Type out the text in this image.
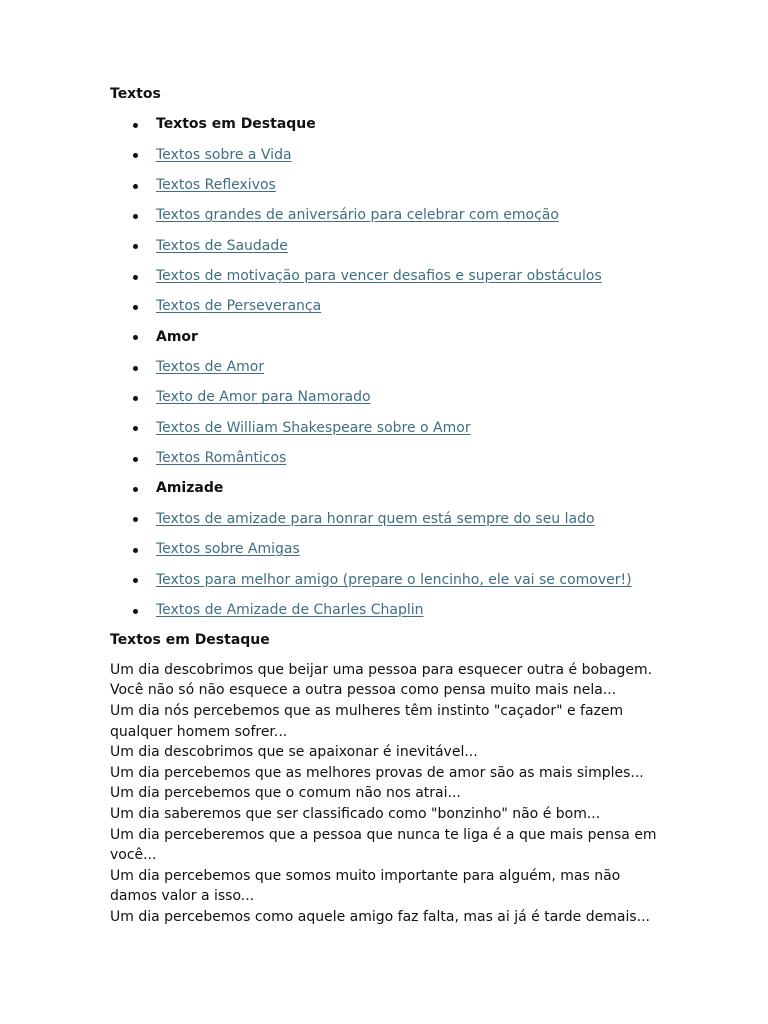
Textos
Textos em Destaque
Textos sobre a Vida
Textos Reflexivos
Textos grandes de aniversário para celebrar com emoção
Textos de Saudade
Textos de motivação para vencer desafios e superar obstáculos
Textos de Perseverança
Amor
Textos de Amor
Texto de Amor para Namorado
Textos de William Shakespeare sobre o Amor
Textos Românticos
Amizade
Textos de amizade para honrar quem está sempre do seu lado
Textos sobre Amigas
Textos para melhor amigo (prepare o lencinho, ele vai se comover!)
Textos de Amizade de Charles Chaplin
Textos em Destaque

Um dia descobrimos que beijar uma pessoa para esquecer outra é bobagem.

Você não só não esquece a outra pessoa como pensa muito mais nela...

Um dia nós percebemos que as mulheres têm instinto "caçador" e fazem qualquer homem sofrer...

Um dia descobrimos que se apaixonar é inevitável...

Um dia percebemos que as melhores provas de amor são as mais simples...

Um dia percebemos que o comum não nos atrai...

Um dia saberemos que ser classificado como "bonzinho" não é bom...

Um dia perceberemos que a pessoa que nunca te liga é a que mais pensa em você...

Um dia percebemos que somos muito importante para alguém, mas não damos valor a isso...

Um dia percebemos como aquele amigo faz falta, mas ai já é tarde demais...
